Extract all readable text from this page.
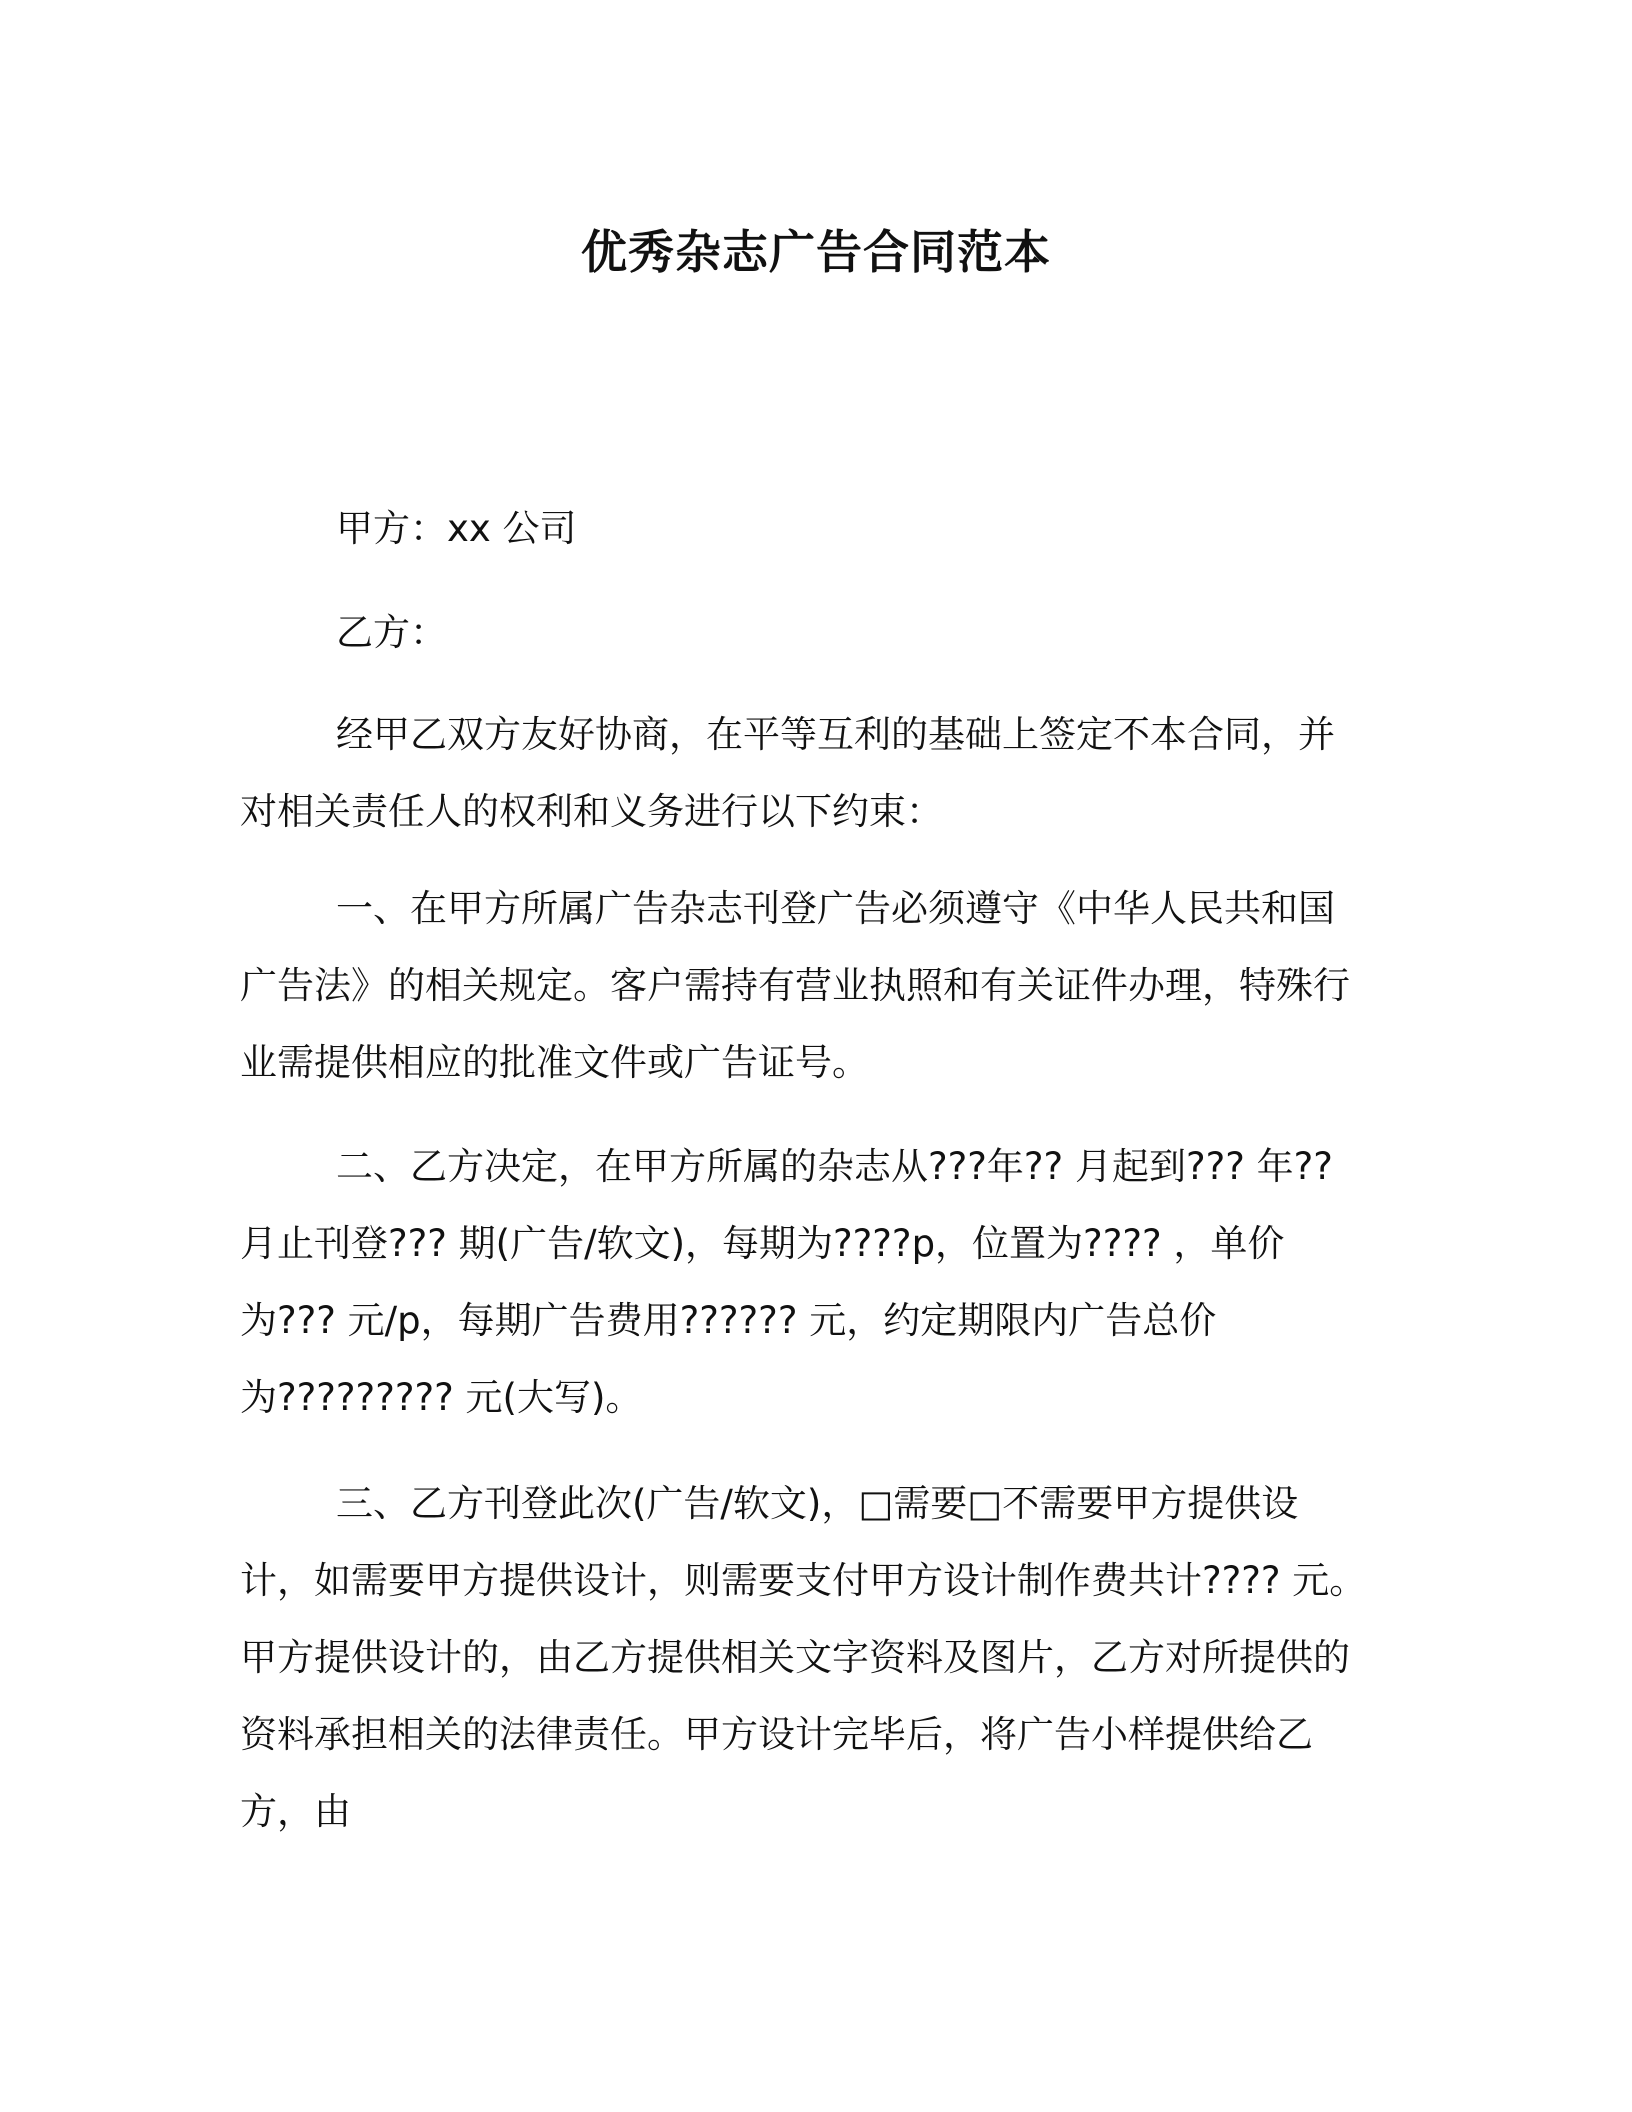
优秀杂志广告合同范本

甲方：xx 公司

乙方：

经甲乙双方友好协商，在平等互利的基础上签定不本合同，并对相关责任人的权利和义务进行以下约束：

一、在甲方所属广告杂志刊登广告必须遵守《中华人民共和国广告法》的相关规定。客户需持有营业执照和有关证件办理，特殊行业需提供相应的批准文件或广告证号。

二、乙方决定，在甲方所属的杂志从???年?? 月起到??? 年?? 月止刊登??? 期(广告/软文)，每期为????p，位置为???? ，单价为??? 元/p，每期广告费用?????? 元，约定期限内广告总价为????????? 元(大写)。

三、乙方刊登此次(广告/软文)，□需要□不需要甲方提供设计，如需要甲方提供设计，则需要支付甲方设计制作费共计???? 元。甲方提供设计的，由乙方提供相关文字资料及图片，乙方对所提供的资料承担相关的法律责任。甲方设计完毕后，将广告小样提供给乙方，由
